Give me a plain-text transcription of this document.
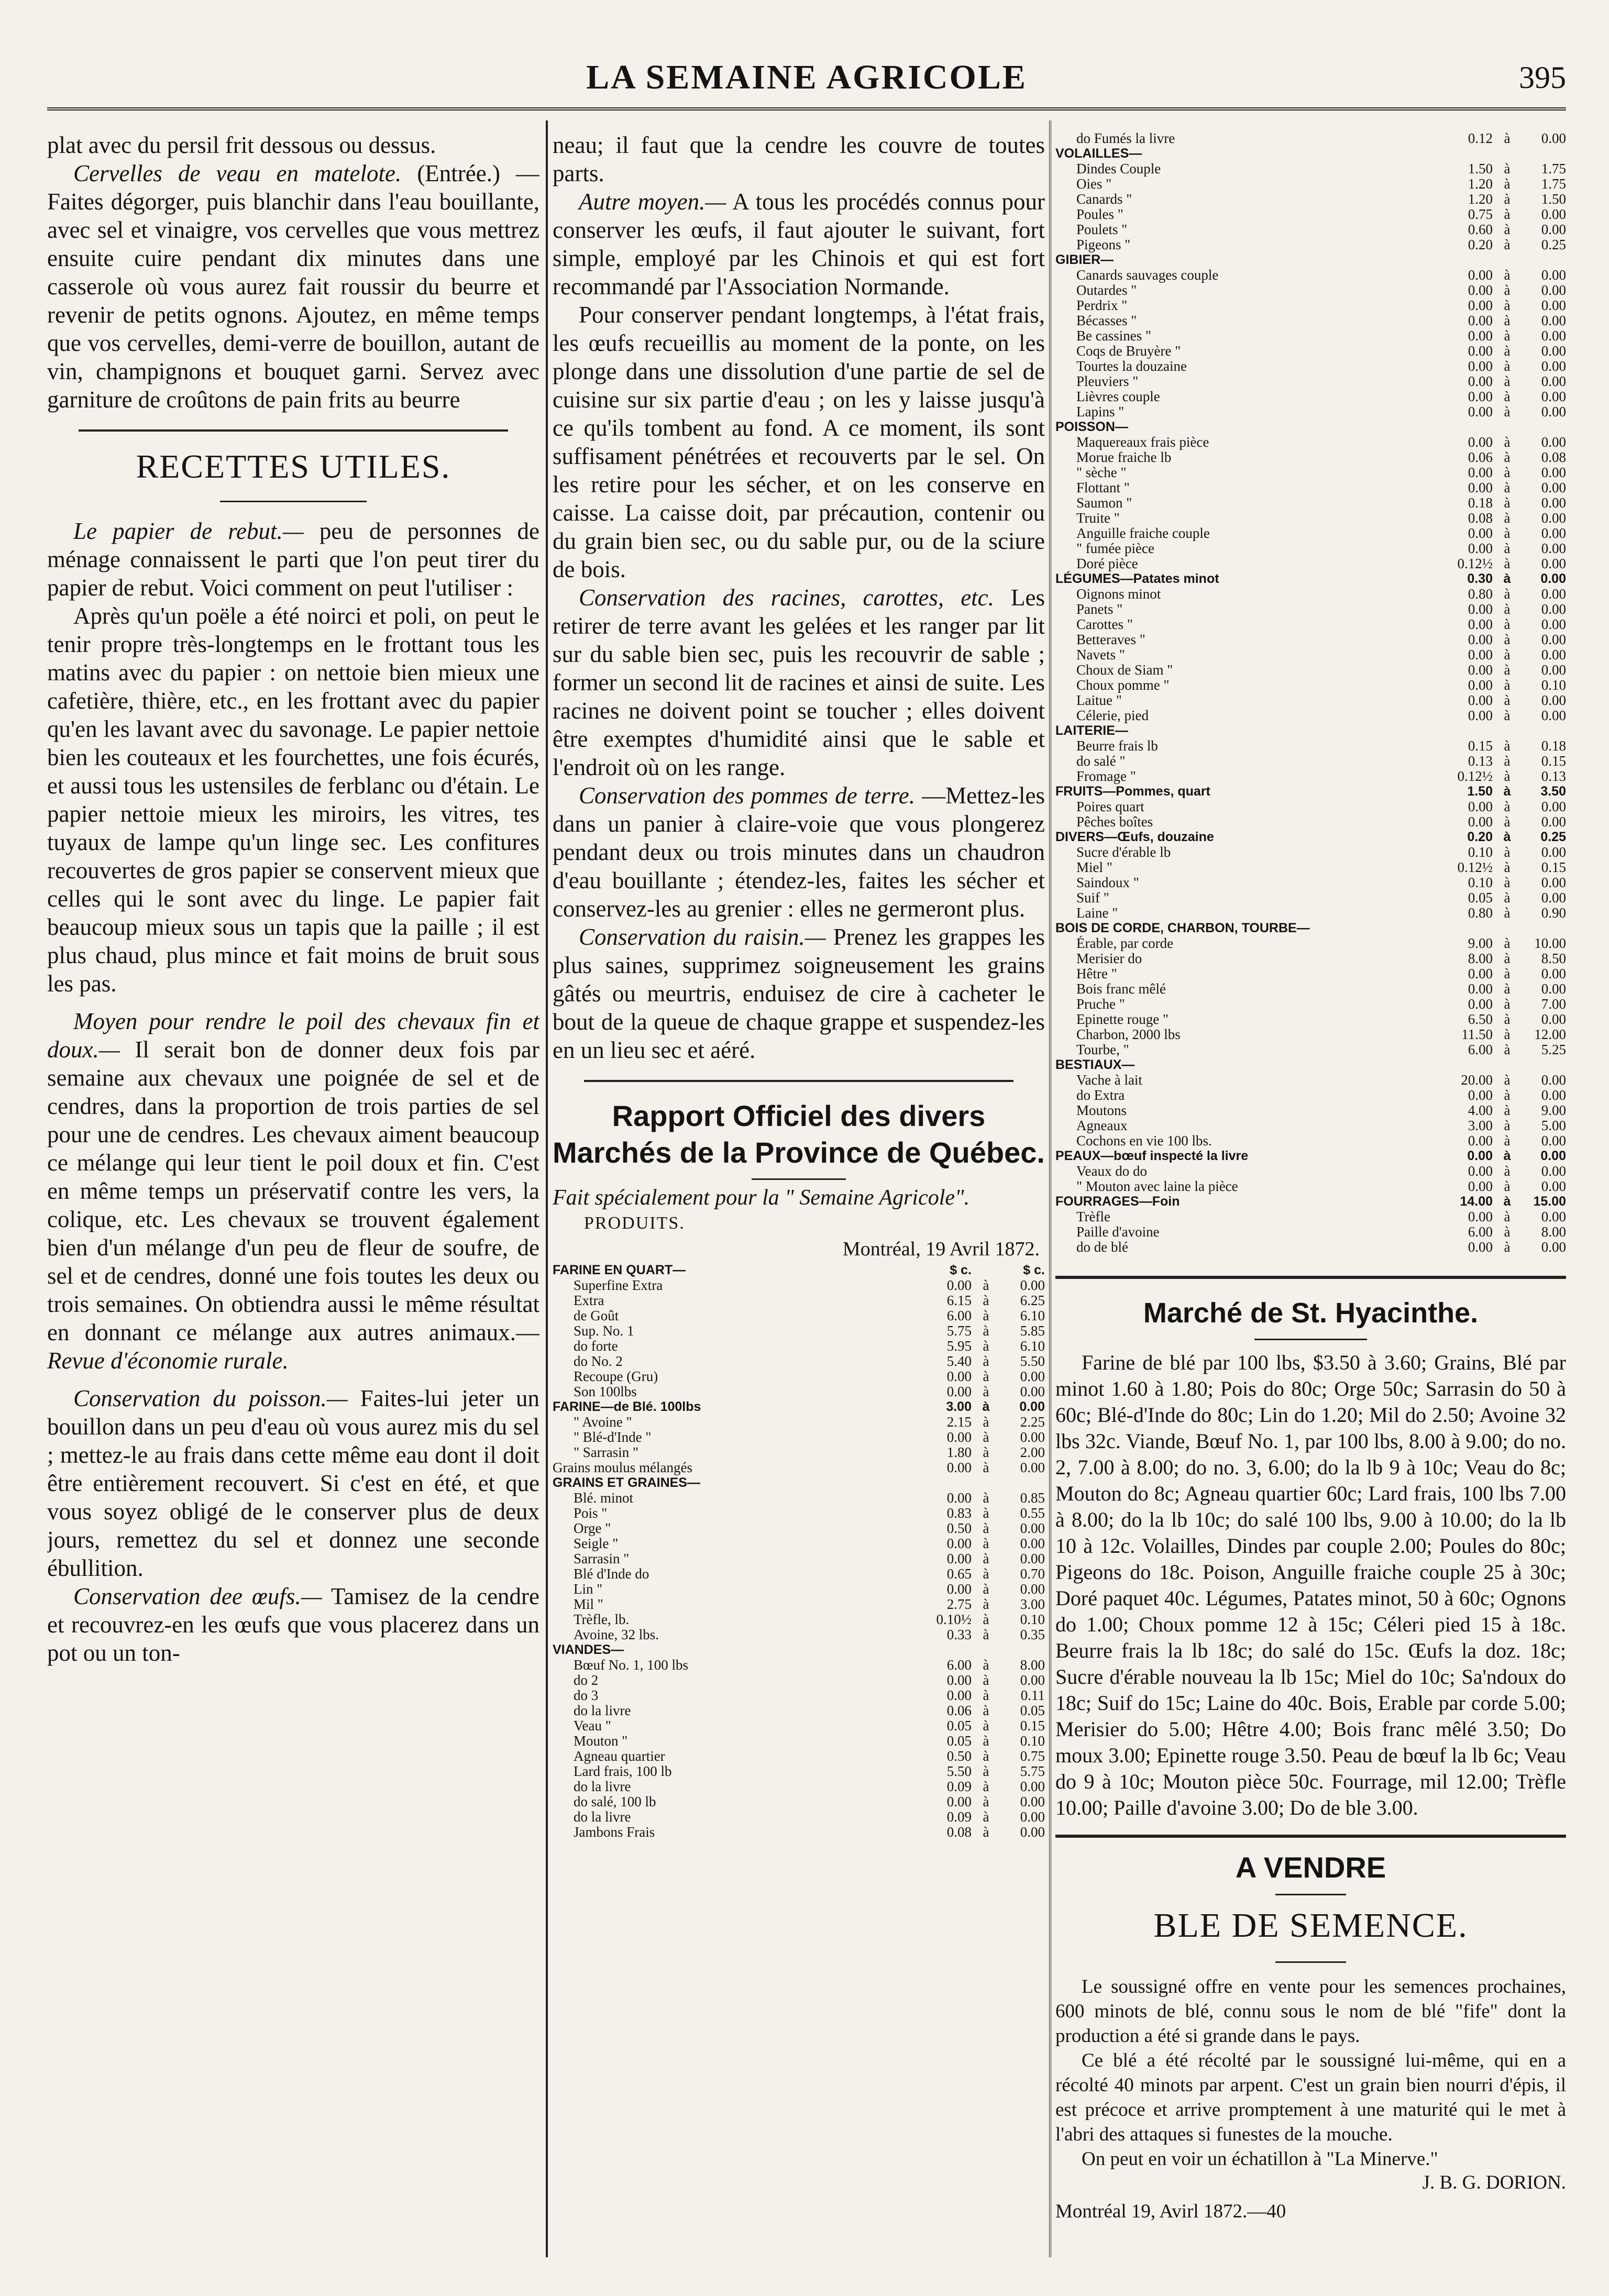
LA SEMAINE AGRICOLE	395

plat avec du persil frit dessous ou dessus.

Cervelles de veau en matelote. (Entrée.) — Faites dégorger, puis blanchir dans l'eau bouillante, avec sel et vinaigre, vos cervelles que vous mettrez ensuite cuire pendant dix minutes dans une casserole où vous aurez fait roussir du beurre et revenir de petits ognons. Ajoutez, en même temps que vos cervelles, demi-verre de bouillon, autant de vin, champignons et bouquet garni. Servez avec garniture de croûtons de pain frits au beurre

RECETTES UTILES.

Le papier de rebut.— peu de personnes de ménage connaissent le parti que l'on peut tirer du papier de rebut. Voici comment on peut l'utiliser :

Après qu'un poële a été noirci et poli, on peut le tenir propre très-longtemps en le frottant tous les matins avec du papier : on nettoie bien mieux une cafetière, thière, etc., en les frottant avec du papier qu'en les lavant avec du savonage. Le papier nettoie bien les couteaux et les fourchettes, une fois écurés, et aussi tous les ustensiles de ferblanc ou d'étain. Le papier nettoie mieux les miroirs, les vitres, tes tuyaux de lampe qu'un linge sec. Les confitures recouvertes de gros papier se conservent mieux que celles qui le sont avec du linge. Le papier fait beaucoup mieux sous un tapis que la paille ; il est plus chaud, plus mince et fait moins de bruit sous les pas.

Moyen pour rendre le poil des chevaux fin et doux.— Il serait bon de donner deux fois par semaine aux chevaux une poignée de sel et de cendres, dans la proportion de trois parties de sel pour une de cendres. Les chevaux aiment beaucoup ce mélange qui leur tient le poil doux et fin. C'est en même temps un préservatif contre les vers, la colique, etc. Les chevaux se trouvent également bien d'un mélange d'un peu de fleur de soufre, de sel et de cendres, donné une fois toutes les deux ou trois semaines. On obtiendra aussi le même résultat en donnant ce mélange aux autres animaux.— Revue d'économie rurale.

Conservation du poisson.— Faites-lui jeter un bouillon dans un peu d'eau où vous aurez mis du sel ; mettez-le au frais dans cette même eau dont il doit être entièrement recouvert. Si c'est en été, et que vous soyez obligé de le conserver plus de deux jours, remettez du sel et donnez une seconde ébullition.

Conservation dee œufs.— Tamisez de la cendre et recouvrez-en les œufs que vous placerez dans un pot ou un ton-

neau; il faut que la cendre les couvre de toutes parts.

Autre moyen.— A tous les procédés connus pour conserver les œufs, il faut ajouter le suivant, fort simple, employé par les Chinois et qui est fort recommandé par l'Association Normande.

Pour conserver pendant longtemps, à l'état frais, les œufs recueillis au moment de la ponte, on les plonge dans une dissolution d'une partie de sel de cuisine sur six partie d'eau ; on les y laisse jusqu'à ce qu'ils tombent au fond. A ce moment, ils sont suffisament pénétrées et recouverts par le sel. On les retire pour les sécher, et on les conserve en caisse. La caisse doit, par précaution, contenir ou du grain bien sec, ou du sable pur, ou de la sciure de bois.

Conservation des racines, carottes, etc. Les retirer de terre avant les gelées et les ranger par lit sur du sable bien sec, puis les recouvrir de sable ; former un second lit de racines et ainsi de suite. Les racines ne doivent point se toucher ; elles doivent être exemptes d'humidité ainsi que le sable et l'endroit où on les range.

Conservation des pommes de terre. —Mettez-les dans un panier à claire-voie que vous plongerez pendant deux ou trois minutes dans un chaudron d'eau bouillante ; étendez-les, faites les sécher et conservez-les au grenier : elles ne germeront plus.

Conservation du raisin.— Prenez les grappes les plus saines, supprimez soigneusement les grains gâtés ou meurtris, enduisez de cire à cacheter le bout de la queue de chaque grappe et suspendez-les en un lieu sec et aéré.

Rapport Officiel des divers Marchés de la Province de Québec.
Fait spécialement pour la " Semaine Agricole".
PRODUITS.
Montréal, 19 Avril 1872.
FARINE EN QUART—	$ c.		$ c.
Superfine Extra	0.00	à	0.00
Extra	6.15	à	6.25
de Goût	6.00	à	6.10
Sup. No. 1	5.75	à	5.85
do forte	5.95	à	6.10
do No. 2	5.40	à	5.50
Recoupe (Gru)	0.00	à	0.00
Son 100lbs	0.00	à	0.00
FARINE—de Blé. 100lbs	3.00	à	0.00
" Avoine "	2.15	à	2.25
" Blé-d'Inde "	0.00	à	0.00
" Sarrasin "	1.80	à	2.00
Grains moulus mélangés	0.00	à	0.00
GRAINS ET GRAINES—			
Blé. minot	0.00	à	0.85
Pois "	0.83	à	0.55
Orge "	0.50	à	0.00
Seigle "	0.00	à	0.00
Sarrasin "	0.00	à	0.00
Blé d'Inde do	0.65	à	0.70
Lin "	0.00	à	0.00
Mil "	2.75	à	3.00
Trèfle, lb.	0.10½	à	0.10
Avoine, 32 lbs.	0.33	à	0.35
VIANDES—			
Bœuf No. 1, 100 lbs	6.00	à	8.00
do 2	0.00	à	0.00
do 3	0.00	à	0.11
do la livre	0.06	à	0.05
Veau "	0.05	à	0.15
Mouton "	0.05	à	0.10
Agneau quartier	0.50	à	0.75
Lard frais, 100 lb	5.50	à	5.75
do la livre	0.09	à	0.00
do salé, 100 lb	0.00	à	0.00
do la livre	0.09	à	0.00
Jambons Frais	0.08	à	0.00
do Fumés la livre	0.12	à	0.00
VOLAILLES—			
Dindes Couple	1.50	à	1.75
Oies "	1.20	à	1.75
Canards "	1.20	à	1.50
Poules "	0.75	à	0.00
Poulets "	0.60	à	0.00
Pigeons "	0.20	à	0.25
GIBIER—			
Canards sauvages couple	0.00	à	0.00
Outardes "	0.00	à	0.00
Perdrix "	0.00	à	0.00
Bécasses "	0.00	à	0.00
Be cassines "	0.00	à	0.00
Coqs de Bruyère "	0.00	à	0.00
Tourtes la douzaine	0.00	à	0.00
Pleuviers "	0.00	à	0.00
Lièvres couple	0.00	à	0.00
Lapins "	0.00	à	0.00
POISSON—			
Maquereaux frais pièce	0.00	à	0.00
Morue fraiche lb	0.06	à	0.08
" sèche "	0.00	à	0.00
Flottant "	0.00	à	0.00
Saumon "	0.18	à	0.00
Truite "	0.08	à	0.00
Anguille fraiche couple	0.00	à	0.00
" fumée pièce	0.00	à	0.00
Doré pièce	0.12½	à	0.00
LÉGUMES—Patates minot	0.30	à	0.00
Oignons minot	0.80	à	0.00
Panets "	0.00	à	0.00
Carottes "	0.00	à	0.00
Betteraves "	0.00	à	0.00
Navets "	0.00	à	0.00
Choux de Siam "	0.00	à	0.00
Choux pomme "	0.00	à	0.10
Laitue "	0.00	à	0.00
Célerie, pied	0.00	à	0.00
LAITERIE—			
Beurre frais lb	0.15	à	0.18
do salé "	0.13	à	0.15
Fromage "	0.12½	à	0.13
FRUITS—Pommes, quart	1.50	à	3.50
Poires quart	0.00	à	0.00
Pêches boîtes	0.00	à	0.00
DIVERS—Œufs, douzaine	0.20	à	0.25
Sucre d'érable lb	0.10	à	0.00
Miel "	0.12½	à	0.15
Saindoux "	0.10	à	0.00
Suif "	0.05	à	0.00
Laine "	0.80	à	0.90
BOIS DE CORDE, CHARBON, TOURBE—			
Érable, par corde	9.00	à	10.00
Merisier do	8.00	à	8.50
Hêtre "	0.00	à	0.00
Bois franc mêlé	0.00	à	0.00
Pruche "	0.00	à	7.00
Epinette rouge "	6.50	à	0.00
Charbon, 2000 lbs	11.50	à	12.00
Tourbe, "	6.00	à	5.25
BESTIAUX—			
Vache à lait	20.00	à	0.00
do Extra	0.00	à	0.00
Moutons	4.00	à	9.00
Agneaux	3.00	à	5.00
Cochons en vie 100 lbs.	0.00	à	0.00
PEAUX—bœuf inspecté la livre	0.00	à	0.00
Veaux do do	0.00	à	0.00
" Mouton avec laine la pièce	0.00	à	0.00
FOURRAGES—Foin	14.00	à	15.00
Trèfle	0.00	à	0.00
Paille d'avoine	6.00	à	8.00
do de blé	0.00	à	0.00
Marché de St. Hyacinthe.

Farine de blé par 100 lbs, $3.50 à 3.60; Grains, Blé par minot 1.60 à 1.80; Pois do 80c; Orge 50c; Sarrasin do 50 à 60c; Blé-d'Inde do 80c; Lin do 1.20; Mil do 2.50; Avoine 32 lbs 32c. Viande, Bœuf No. 1, par 100 lbs, 8.00 à 9.00; do no. 2, 7.00 à 8.00; do no. 3, 6.00; do la lb 9 à 10c; Veau do 8c; Mouton do 8c; Agneau quartier 60c; Lard frais, 100 lbs 7.00 à 8.00; do la lb 10c; do salé 100 lbs, 9.00 à 10.00; do la lb 10 à 12c. Volailles, Dindes par couple 2.00; Poules do 80c; Pigeons do 18c. Poison, Anguille fraiche couple 25 à 30c; Doré paquet 40c. Légumes, Patates minot, 50 à 60c; Ognons do 1.00; Choux pomme 12 à 15c; Céleri pied 15 à 18c. Beurre frais la lb 18c; do salé do 15c. Œufs la doz. 18c; Sucre d'érable nouveau la lb 15c; Miel do 10c; Sa'ndoux do 18c; Suif do 15c; Laine do 40c. Bois, Erable par corde 5.00; Merisier do 5.00; Hêtre 4.00; Bois franc mêlé 3.50; Do moux 3.00; Epinette rouge 3.50. Peau de bœuf la lb 6c; Veau do 9 à 10c; Mouton pièce 50c. Fourrage, mil 12.00; Trèfle 10.00; Paille d'avoine 3.00; Do de ble 3.00.

A VENDRE
BLE DE SEMENCE.

Le soussigné offre en vente pour les semences prochaines, 600 minots de blé, connu sous le nom de blé "fife" dont la production a été si grande dans le pays.

Ce blé a été récolté par le soussigné lui-même, qui en a récolté 40 minots par arpent. C'est un grain bien nourri d'épis, il est précoce et arrive promptement à une maturité qui le met à l'abri des attaques si funestes de la mouche.

On peut en voir un échatillon à "La Minerve."

J. B. G. DORION.
Montréal 19, Avirl 1872.—40
